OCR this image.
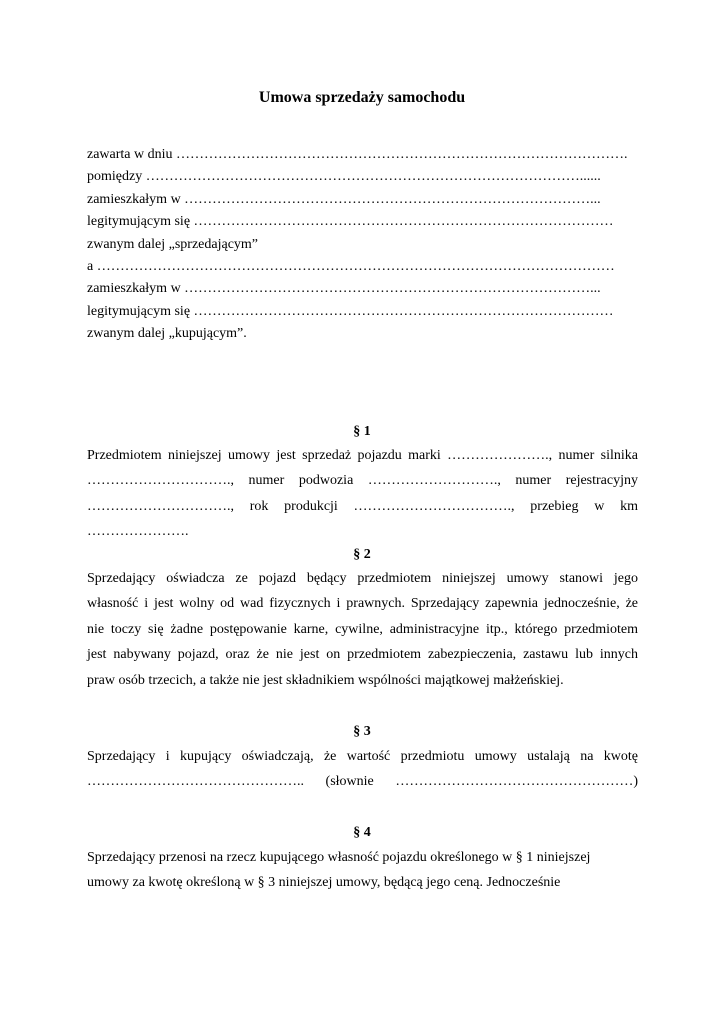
Umowa sprzedaży samochodu
zawarta w dniu …………………………………………………………………………………….
pomiędzy …………………………………………………………………………………......
zamieszkałym w ……………………………………………………………………………...
legitymującym się ………………………………………………………………………………
zwanym dalej „sprzedającym”
a …………………………………………………………………………………………………
zamieszkałym w ……………………………………………………………………………...
legitymującym się ………………………………………………………………………………
zwanym dalej „kupującym”.
§ 1
Przedmiotem niniejszej umowy jest sprzedaż pojazdu marki …………………., numer silnika
…………………………., numer podwozia ………………………., numer rejestracyjny
…………………………., rok produkcji ……………………………., przebieg w km
………………….
§ 2
Sprzedający oświadcza ze pojazd będący przedmiotem niniejszej umowy stanowi jego
własność i jest wolny od wad fizycznych i prawnych. Sprzedający zapewnia jednocześnie, że
nie toczy się żadne postępowanie karne, cywilne, administracyjne itp., którego przedmiotem
jest nabywany pojazd, oraz że nie jest on przedmiotem zabezpieczenia, zastawu lub innych
praw osób trzecich, a także nie jest składnikiem wspólności majątkowej małżeńskiej.
§ 3
Sprzedający i kupujący oświadczają, że wartość przedmiotu umowy ustalają na kwotę
……………………………………….. (słownie ……………………………………………)
§ 4
Sprzedający przenosi na rzecz kupującego własność pojazdu określonego w § 1 niniejszej
umowy za kwotę określoną w § 3 niniejszej umowy, będącą jego ceną. Jednocześnie
